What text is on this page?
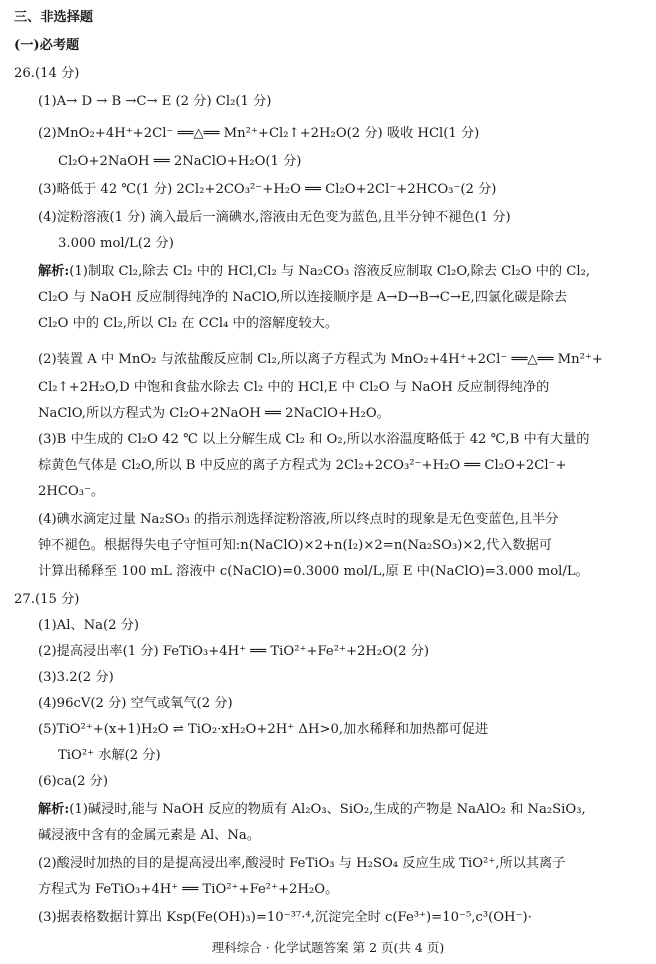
三、非选择题
(一)必考题
26.(14 分)
(1)A→ D → B →C→ E (2 分) Cl₂(1 分)
(2)MnO₂+4H⁺+2Cl⁻ ══△══ Mn²⁺+Cl₂↑+2H₂O(2 分) 吸收 HCl(1 分)
Cl₂O+2NaOH ══ 2NaClO+H₂O(1 分)
(3)略低于 42 ℃(1 分) 2Cl₂+2CO₃²⁻+H₂O ══ Cl₂O+2Cl⁻+2HCO₃⁻(2 分)
(4)淀粉溶液(1 分) 滴入最后一滴碘水,溶液由无色变为蓝色,且半分钟不褪色(1 分)
3.000 mol/L(2 分)
解析:(1)制取 Cl₂,除去 Cl₂ 中的 HCl,Cl₂ 与 Na₂CO₃ 溶液反应制取 Cl₂O,除去 Cl₂O 中的 Cl₂,
Cl₂O 与 NaOH 反应制得纯净的 NaClO,所以连接顺序是 A→D→B→C→E,四氯化碳是除去
Cl₂O 中的 Cl₂,所以 Cl₂ 在 CCl₄ 中的溶解度较大。
(2)装置 A 中 MnO₂ 与浓盐酸反应制 Cl₂,所以离子方程式为 MnO₂+4H⁺+2Cl⁻ ══△══ Mn²⁺+
Cl₂↑+2H₂O,D 中饱和食盐水除去 Cl₂ 中的 HCl,E 中 Cl₂O 与 NaOH 反应制得纯净的
NaClO,所以方程式为 Cl₂O+2NaOH ══ 2NaClO+H₂O。
(3)B 中生成的 Cl₂O 42 ℃ 以上分解生成 Cl₂ 和 O₂,所以水浴温度略低于 42 ℃,B 中有大量的
棕黄色气体是 Cl₂O,所以 B 中反应的离子方程式为 2Cl₂+2CO₃²⁻+H₂O ══ Cl₂O+2Cl⁻+
2HCO₃⁻。
(4)碘水滴定过量 Na₂SO₃ 的指示剂选择淀粉溶液,所以终点时的现象是无色变蓝色,且半分
钟不褪色。根据得失电子守恒可知:n(NaClO)×2+n(I₂)×2=n(Na₂SO₃)×2,代入数据可
计算出稀释至 100 mL 溶液中 c(NaClO)=0.3000 mol/L,原 E 中(NaClO)=3.000 mol/L。
27.(15 分)
(1)Al、Na(2 分)
(2)提高浸出率(1 分) FeTiO₃+4H⁺ ══ TiO²⁺+Fe²⁺+2H₂O(2 分)
(3)3.2(2 分)
(4)96cV(2 分) 空气或氧气(2 分)
(5)TiO²⁺+(x+1)H₂O ⇌ TiO₂·xH₂O+2H⁺ ΔH>0,加水稀释和加热都可促进
TiO²⁺ 水解(2 分)
(6)ca(2 分)
解析:(1)碱浸时,能与 NaOH 反应的物质有 Al₂O₃、SiO₂,生成的产物是 NaAlO₂ 和 Na₂SiO₃,
碱浸液中含有的金属元素是 Al、Na。
(2)酸浸时加热的目的是提高浸出率,酸浸时 FeTiO₃ 与 H₂SO₄ 反应生成 TiO²⁺,所以其离子
方程式为 FeTiO₃+4H⁺ ══ TiO²⁺+Fe²⁺+2H₂O。
(3)据表格数据计算出 Ksp(Fe(OH)₃)=10⁻³⁷·⁴,沉淀完全时 c(Fe³⁺)=10⁻⁵,c³(OH⁻)·
理科综合 · 化学试题答案 第 2 页(共 4 页)
